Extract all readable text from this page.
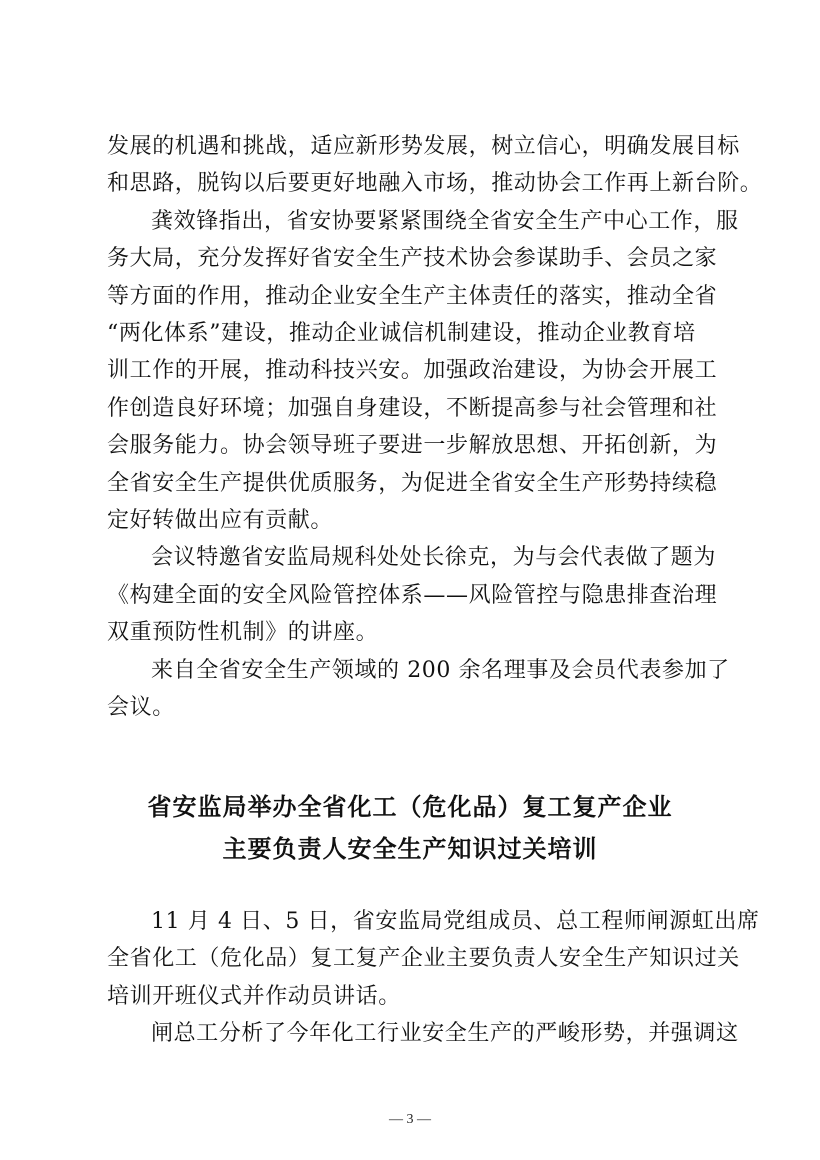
发展的机遇和挑战，适应新形势发展，树立信心，明确发展目标
和思路，脱钩以后要更好地融入市场，推动协会工作再上新台阶。

龚效锋指出，省安协要紧紧围绕全省安全生产中心工作，服
务大局，充分发挥好省安全生产技术协会参谋助手、会员之家
等方面的作用，推动企业安全生产主体责任的落实，推动全省
“两化体系”建设，推动企业诚信机制建设，推动企业教育培
训工作的开展，推动科技兴安。加强政治建设，为协会开展工
作创造良好环境；加强自身建设，不断提高参与社会管理和社
会服务能力。协会领导班子要进一步解放思想、开拓创新，为
全省安全生产提供优质服务，为促进全省安全生产形势持续稳
定好转做出应有贡献。

会议特邀省安监局规科处处长徐克，为与会代表做了题为
《构建全面的安全风险管控体系——风险管控与隐患排查治理
双重预防性机制》的讲座。

来自全省安全生产领域的 200 余名理事及会员代表参加了
会议。

省安监局举办全省化工（危化品）复工复产企业
主要负责人安全生产知识过关培训

11 月 4 日、5 日，省安监局党组成员、总工程师闸源虹出席
全省化工（危化品）复工复产企业主要负责人安全生产知识过关
培训开班仪式并作动员讲话。

闸总工分析了今年化工行业安全生产的严峻形势，并强调这

— 3 —
